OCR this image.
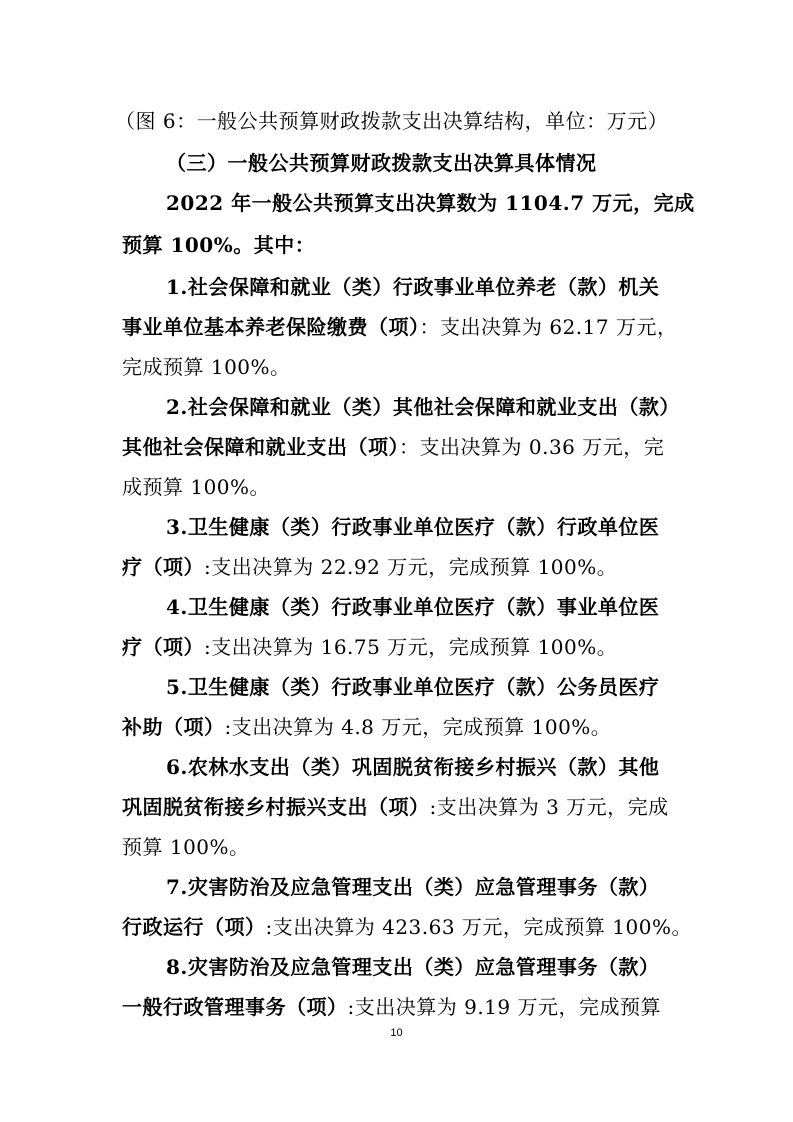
（图 6：一般公共预算财政拨款支出决算结构，单位：万元）
（三）一般公共预算财政拨款支出决算具体情况
2022 年一般公共预算支出决算数为 1104.7 万元，完成
预算 100%。其中：
1.社会保障和就业（类）行政事业单位养老（款）机关
事业单位基本养老保险缴费（项）：支出决算为 62.17 万元，
完成预算 100%。
2.社会保障和就业（类）其他社会保障和就业支出（款）
其他社会保障和就业支出（项）：支出决算为 0.36 万元，完
成预算 100%。
3.卫生健康（类）行政事业单位医疗（款）行政单位医
疗（项）:支出决算为 22.92 万元，完成预算 100%。
4.卫生健康（类）行政事业单位医疗（款）事业单位医
疗（项）:支出决算为 16.75 万元，完成预算 100%。
5.卫生健康（类）行政事业单位医疗（款）公务员医疗
补助（项）:支出决算为 4.8 万元，完成预算 100%。
6.农林水支出（类）巩固脱贫衔接乡村振兴（款）其他
巩固脱贫衔接乡村振兴支出（项）:支出决算为 3 万元，完成
预算 100%。
7.灾害防治及应急管理支出（类）应急管理事务（款）
行政运行（项）:支出决算为 423.63 万元，完成预算 100%。
8.灾害防治及应急管理支出（类）应急管理事务（款）
一般行政管理事务（项）:支出决算为 9.19 万元，完成预算
10
